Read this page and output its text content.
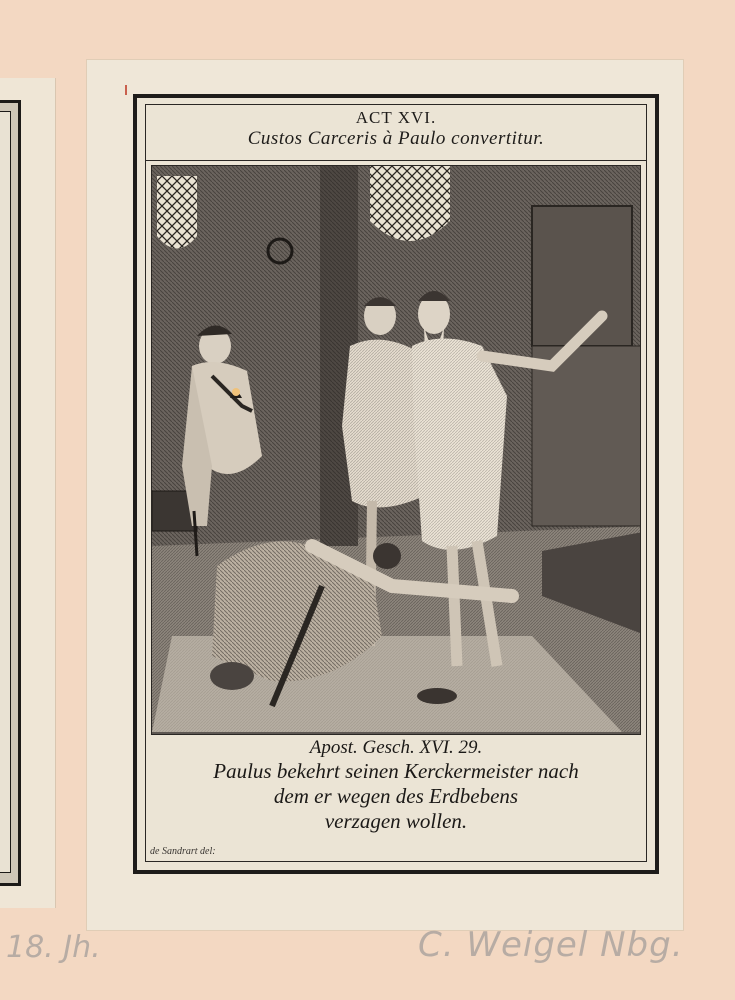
ACT XVI.
Custos Carceris à Paulo convertitur.
Apost. Gesch. XVI. 29.
Paulus bekehrt seinen Kerckermeister nach
dem er wegen des Erdbebens
verzagen wollen.
de Sandrart del:
18. Jh.	C. Weigel Nbg.
